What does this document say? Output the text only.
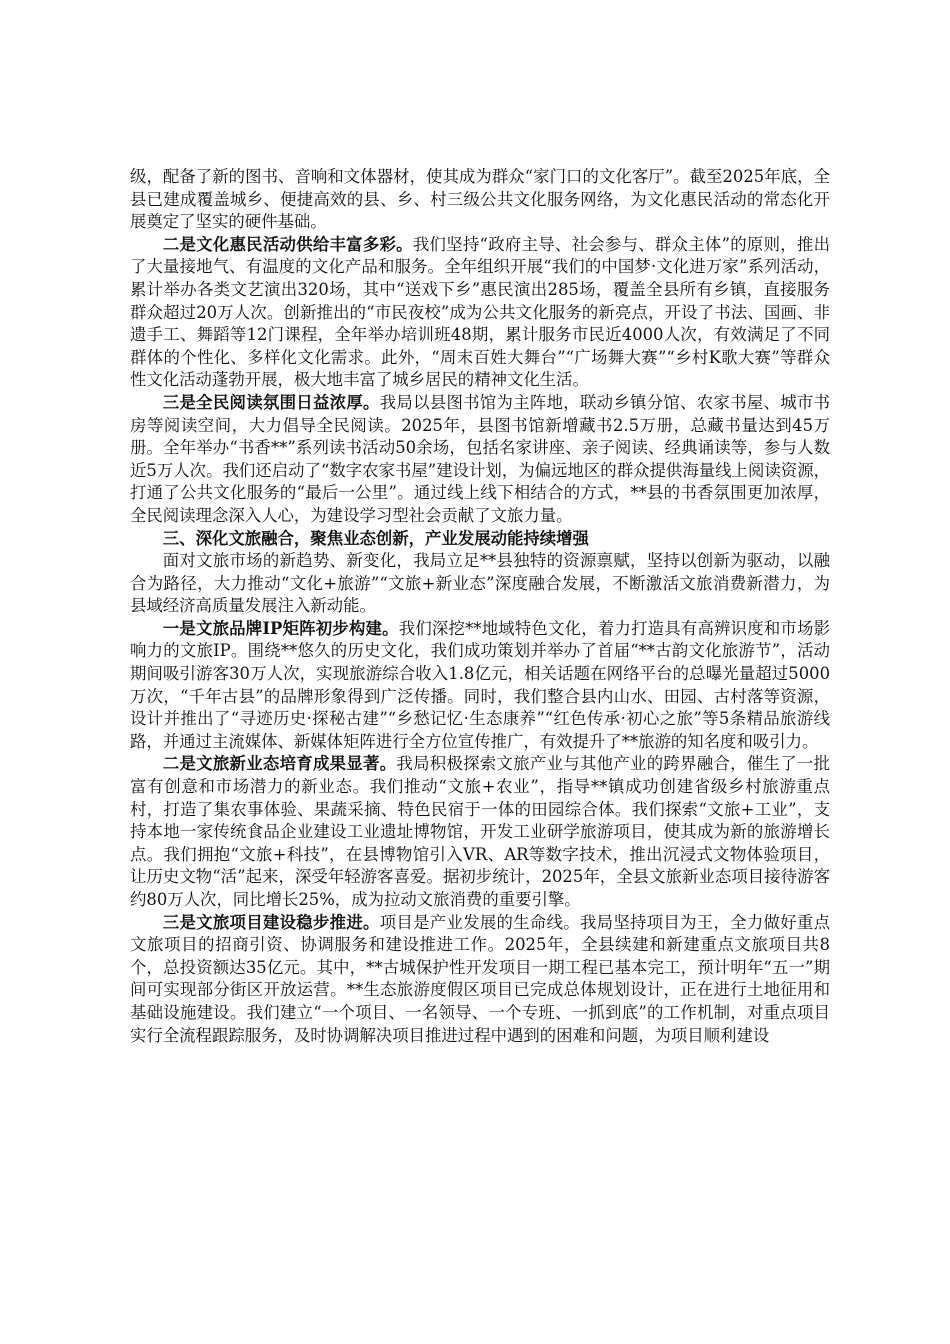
级，配备了新的图书、音响和文体器材，使其成为群众“家门口的文化客厅”。截至2025年底，全县已建成覆盖城乡、便捷高效的县、乡、村三级公共文化服务网络，为文化惠民活动的常态化开展奠定了坚实的硬件基础。

二是文化惠民活动供给丰富多彩。我们坚持“政府主导、社会参与、群众主体”的原则，推出了大量接地气、有温度的文化产品和服务。全年组织开展“我们的中国梦·文化进万家”系列活动，累计举办各类文艺演出320场，其中“送戏下乡”惠民演出285场，覆盖全县所有乡镇，直接服务群众超过20万人次。创新推出的“市民夜校”成为公共文化服务的新亮点，开设了书法、国画、非遗手工、舞蹈等12门课程，全年举办培训班48期，累计服务市民近4000人次，有效满足了不同群体的个性化、多样化文化需求。此外，“周末百姓大舞台”“广场舞大赛”“乡村K歌大赛”等群众性文化活动蓬勃开展，极大地丰富了城乡居民的精神文化生活。

三是全民阅读氛围日益浓厚。我局以县图书馆为主阵地，联动乡镇分馆、农家书屋、城市书房等阅读空间，大力倡导全民阅读。2025年，县图书馆新增藏书2.5万册，总藏书量达到45万册。全年举办“书香**”系列读书活动50余场，包括名家讲座、亲子阅读、经典诵读等，参与人数近5万人次。我们还启动了“数字农家书屋”建设计划，为偏远地区的群众提供海量线上阅读资源，打通了公共文化服务的“最后一公里”。通过线上线下相结合的方式，**县的书香氛围更加浓厚，全民阅读理念深入人心，为建设学习型社会贡献了文旅力量。

三、深化文旅融合，聚焦业态创新，产业发展动能持续增强

面对文旅市场的新趋势、新变化，我局立足**县独特的资源禀赋，坚持以创新为驱动，以融合为路径，大力推动“文化+旅游”“文旅+新业态”深度融合发展，不断激活文旅消费新潜力，为县域经济高质量发展注入新动能。

一是文旅品牌IP矩阵初步构建。我们深挖**地域特色文化，着力打造具有高辨识度和市场影响力的文旅IP。围绕**悠久的历史文化，我们成功策划并举办了首届“**古韵文化旅游节”，活动期间吸引游客30万人次，实现旅游综合收入1.8亿元，相关话题在网络平台的总曝光量超过5000万次，“千年古县”的品牌形象得到广泛传播。同时，我们整合县内山水、田园、古村落等资源，设计并推出了“寻迹历史·探秘古建”“乡愁记忆·生态康养”“红色传承·初心之旅”等5条精品旅游线路，并通过主流媒体、新媒体矩阵进行全方位宣传推广，有效提升了**旅游的知名度和吸引力。

二是文旅新业态培育成果显著。我局积极探索文旅产业与其他产业的跨界融合，催生了一批富有创意和市场潜力的新业态。我们推动“文旅+农业”，指导**镇成功创建省级乡村旅游重点村，打造了集农事体验、果蔬采摘、特色民宿于一体的田园综合体。我们探索“文旅+工业”，支持本地一家传统食品企业建设工业遗址博物馆，开发工业研学旅游项目，使其成为新的旅游增长点。我们拥抱“文旅+科技”，在县博物馆引入VR、AR等数字技术，推出沉浸式文物体验项目，让历史文物“活”起来，深受年轻游客喜爱。据初步统计，2025年，全县文旅新业态项目接待游客约80万人次，同比增长25%，成为拉动文旅消费的重要引擎。

三是文旅项目建设稳步推进。项目是产业发展的生命线。我局坚持项目为王，全力做好重点文旅项目的招商引资、协调服务和建设推进工作。2025年，全县续建和新建重点文旅项目共8个，总投资额达35亿元。其中，**古城保护性开发项目一期工程已基本完工，预计明年“五一”期间可实现部分街区开放运营。**生态旅游度假区项目已完成总体规划设计，正在进行土地征用和基础设施建设。我们建立“一个项目、一名领导、一个专班、一抓到底”的工作机制，对重点项目实行全流程跟踪服务，及时协调解决项目推进过程中遇到的困难和问题，为项目顺利建设
